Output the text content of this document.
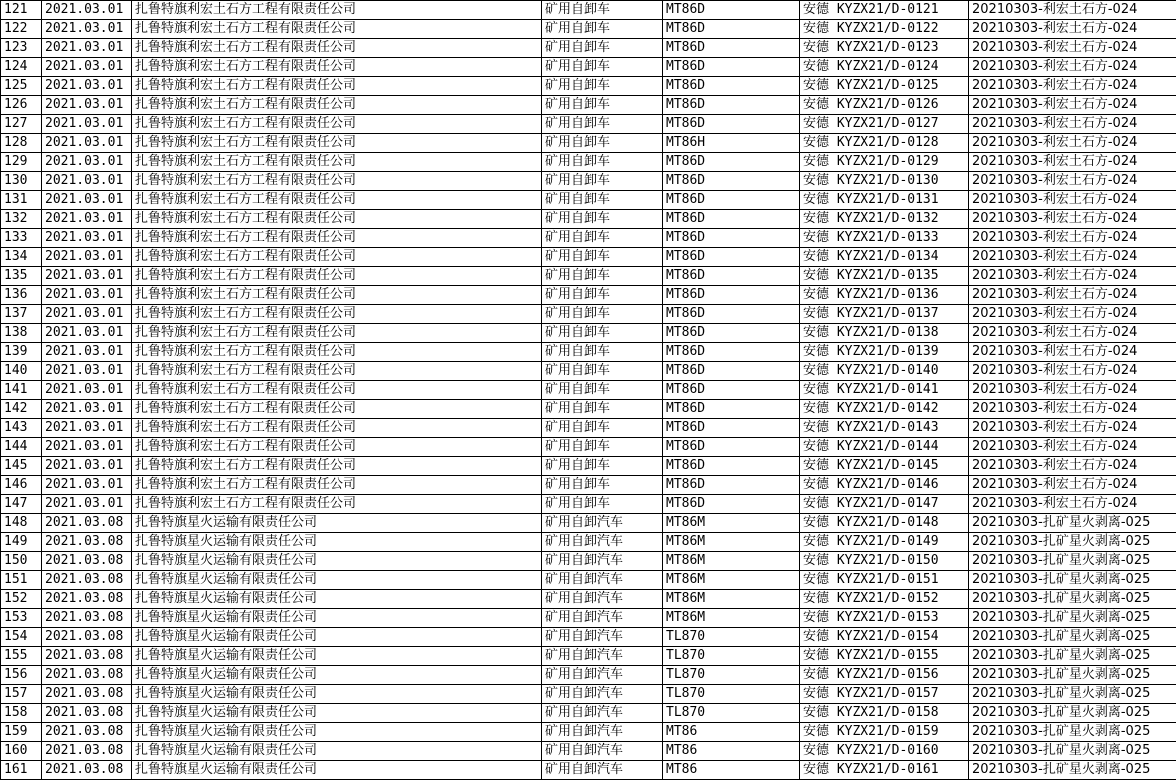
121	2021.03.01	扎鲁特旗利宏土石方工程有限责任公司	矿用自卸车	MT86D	安德 KYZX21/D-0121	20210303-利宏土石方-024
122	2021.03.01	扎鲁特旗利宏土石方工程有限责任公司	矿用自卸车	MT86D	安德 KYZX21/D-0122	20210303-利宏土石方-024
123	2021.03.01	扎鲁特旗利宏土石方工程有限责任公司	矿用自卸车	MT86D	安德 KYZX21/D-0123	20210303-利宏土石方-024
124	2021.03.01	扎鲁特旗利宏土石方工程有限责任公司	矿用自卸车	MT86D	安德 KYZX21/D-0124	20210303-利宏土石方-024
125	2021.03.01	扎鲁特旗利宏土石方工程有限责任公司	矿用自卸车	MT86D	安德 KYZX21/D-0125	20210303-利宏土石方-024
126	2021.03.01	扎鲁特旗利宏土石方工程有限责任公司	矿用自卸车	MT86D	安德 KYZX21/D-0126	20210303-利宏土石方-024
127	2021.03.01	扎鲁特旗利宏土石方工程有限责任公司	矿用自卸车	MT86D	安德 KYZX21/D-0127	20210303-利宏土石方-024
128	2021.03.01	扎鲁特旗利宏土石方工程有限责任公司	矿用自卸车	MT86H	安德 KYZX21/D-0128	20210303-利宏土石方-024
129	2021.03.01	扎鲁特旗利宏土石方工程有限责任公司	矿用自卸车	MT86D	安德 KYZX21/D-0129	20210303-利宏土石方-024
130	2021.03.01	扎鲁特旗利宏土石方工程有限责任公司	矿用自卸车	MT86D	安德 KYZX21/D-0130	20210303-利宏土石方-024
131	2021.03.01	扎鲁特旗利宏土石方工程有限责任公司	矿用自卸车	MT86D	安德 KYZX21/D-0131	20210303-利宏土石方-024
132	2021.03.01	扎鲁特旗利宏土石方工程有限责任公司	矿用自卸车	MT86D	安德 KYZX21/D-0132	20210303-利宏土石方-024
133	2021.03.01	扎鲁特旗利宏土石方工程有限责任公司	矿用自卸车	MT86D	安德 KYZX21/D-0133	20210303-利宏土石方-024
134	2021.03.01	扎鲁特旗利宏土石方工程有限责任公司	矿用自卸车	MT86D	安德 KYZX21/D-0134	20210303-利宏土石方-024
135	2021.03.01	扎鲁特旗利宏土石方工程有限责任公司	矿用自卸车	MT86D	安德 KYZX21/D-0135	20210303-利宏土石方-024
136	2021.03.01	扎鲁特旗利宏土石方工程有限责任公司	矿用自卸车	MT86D	安德 KYZX21/D-0136	20210303-利宏土石方-024
137	2021.03.01	扎鲁特旗利宏土石方工程有限责任公司	矿用自卸车	MT86D	安德 KYZX21/D-0137	20210303-利宏土石方-024
138	2021.03.01	扎鲁特旗利宏土石方工程有限责任公司	矿用自卸车	MT86D	安德 KYZX21/D-0138	20210303-利宏土石方-024
139	2021.03.01	扎鲁特旗利宏土石方工程有限责任公司	矿用自卸车	MT86D	安德 KYZX21/D-0139	20210303-利宏土石方-024
140	2021.03.01	扎鲁特旗利宏土石方工程有限责任公司	矿用自卸车	MT86D	安德 KYZX21/D-0140	20210303-利宏土石方-024
141	2021.03.01	扎鲁特旗利宏土石方工程有限责任公司	矿用自卸车	MT86D	安德 KYZX21/D-0141	20210303-利宏土石方-024
142	2021.03.01	扎鲁特旗利宏土石方工程有限责任公司	矿用自卸车	MT86D	安德 KYZX21/D-0142	20210303-利宏土石方-024
143	2021.03.01	扎鲁特旗利宏土石方工程有限责任公司	矿用自卸车	MT86D	安德 KYZX21/D-0143	20210303-利宏土石方-024
144	2021.03.01	扎鲁特旗利宏土石方工程有限责任公司	矿用自卸车	MT86D	安德 KYZX21/D-0144	20210303-利宏土石方-024
145	2021.03.01	扎鲁特旗利宏土石方工程有限责任公司	矿用自卸车	MT86D	安德 KYZX21/D-0145	20210303-利宏土石方-024
146	2021.03.01	扎鲁特旗利宏土石方工程有限责任公司	矿用自卸车	MT86D	安德 KYZX21/D-0146	20210303-利宏土石方-024
147	2021.03.01	扎鲁特旗利宏土石方工程有限责任公司	矿用自卸车	MT86D	安德 KYZX21/D-0147	20210303-利宏土石方-024
148	2021.03.08	扎鲁特旗星火运输有限责任公司	矿用自卸汽车	MT86M	安德 KYZX21/D-0148	20210303-扎矿星火剥离-025
149	2021.03.08	扎鲁特旗星火运输有限责任公司	矿用自卸汽车	MT86M	安德 KYZX21/D-0149	20210303-扎矿星火剥离-025
150	2021.03.08	扎鲁特旗星火运输有限责任公司	矿用自卸汽车	MT86M	安德 KYZX21/D-0150	20210303-扎矿星火剥离-025
151	2021.03.08	扎鲁特旗星火运输有限责任公司	矿用自卸汽车	MT86M	安德 KYZX21/D-0151	20210303-扎矿星火剥离-025
152	2021.03.08	扎鲁特旗星火运输有限责任公司	矿用自卸汽车	MT86M	安德 KYZX21/D-0152	20210303-扎矿星火剥离-025
153	2021.03.08	扎鲁特旗星火运输有限责任公司	矿用自卸汽车	MT86M	安德 KYZX21/D-0153	20210303-扎矿星火剥离-025
154	2021.03.08	扎鲁特旗星火运输有限责任公司	矿用自卸汽车	TL870	安德 KYZX21/D-0154	20210303-扎矿星火剥离-025
155	2021.03.08	扎鲁特旗星火运输有限责任公司	矿用自卸汽车	TL870	安德 KYZX21/D-0155	20210303-扎矿星火剥离-025
156	2021.03.08	扎鲁特旗星火运输有限责任公司	矿用自卸汽车	TL870	安德 KYZX21/D-0156	20210303-扎矿星火剥离-025
157	2021.03.08	扎鲁特旗星火运输有限责任公司	矿用自卸汽车	TL870	安德 KYZX21/D-0157	20210303-扎矿星火剥离-025
158	2021.03.08	扎鲁特旗星火运输有限责任公司	矿用自卸汽车	TL870	安德 KYZX21/D-0158	20210303-扎矿星火剥离-025
159	2021.03.08	扎鲁特旗星火运输有限责任公司	矿用自卸汽车	MT86	安德 KYZX21/D-0159	20210303-扎矿星火剥离-025
160	2021.03.08	扎鲁特旗星火运输有限责任公司	矿用自卸汽车	MT86	安德 KYZX21/D-0160	20210303-扎矿星火剥离-025
161	2021.03.08	扎鲁特旗星火运输有限责任公司	矿用自卸汽车	MT86	安德 KYZX21/D-0161	20210303-扎矿星火剥离-025
